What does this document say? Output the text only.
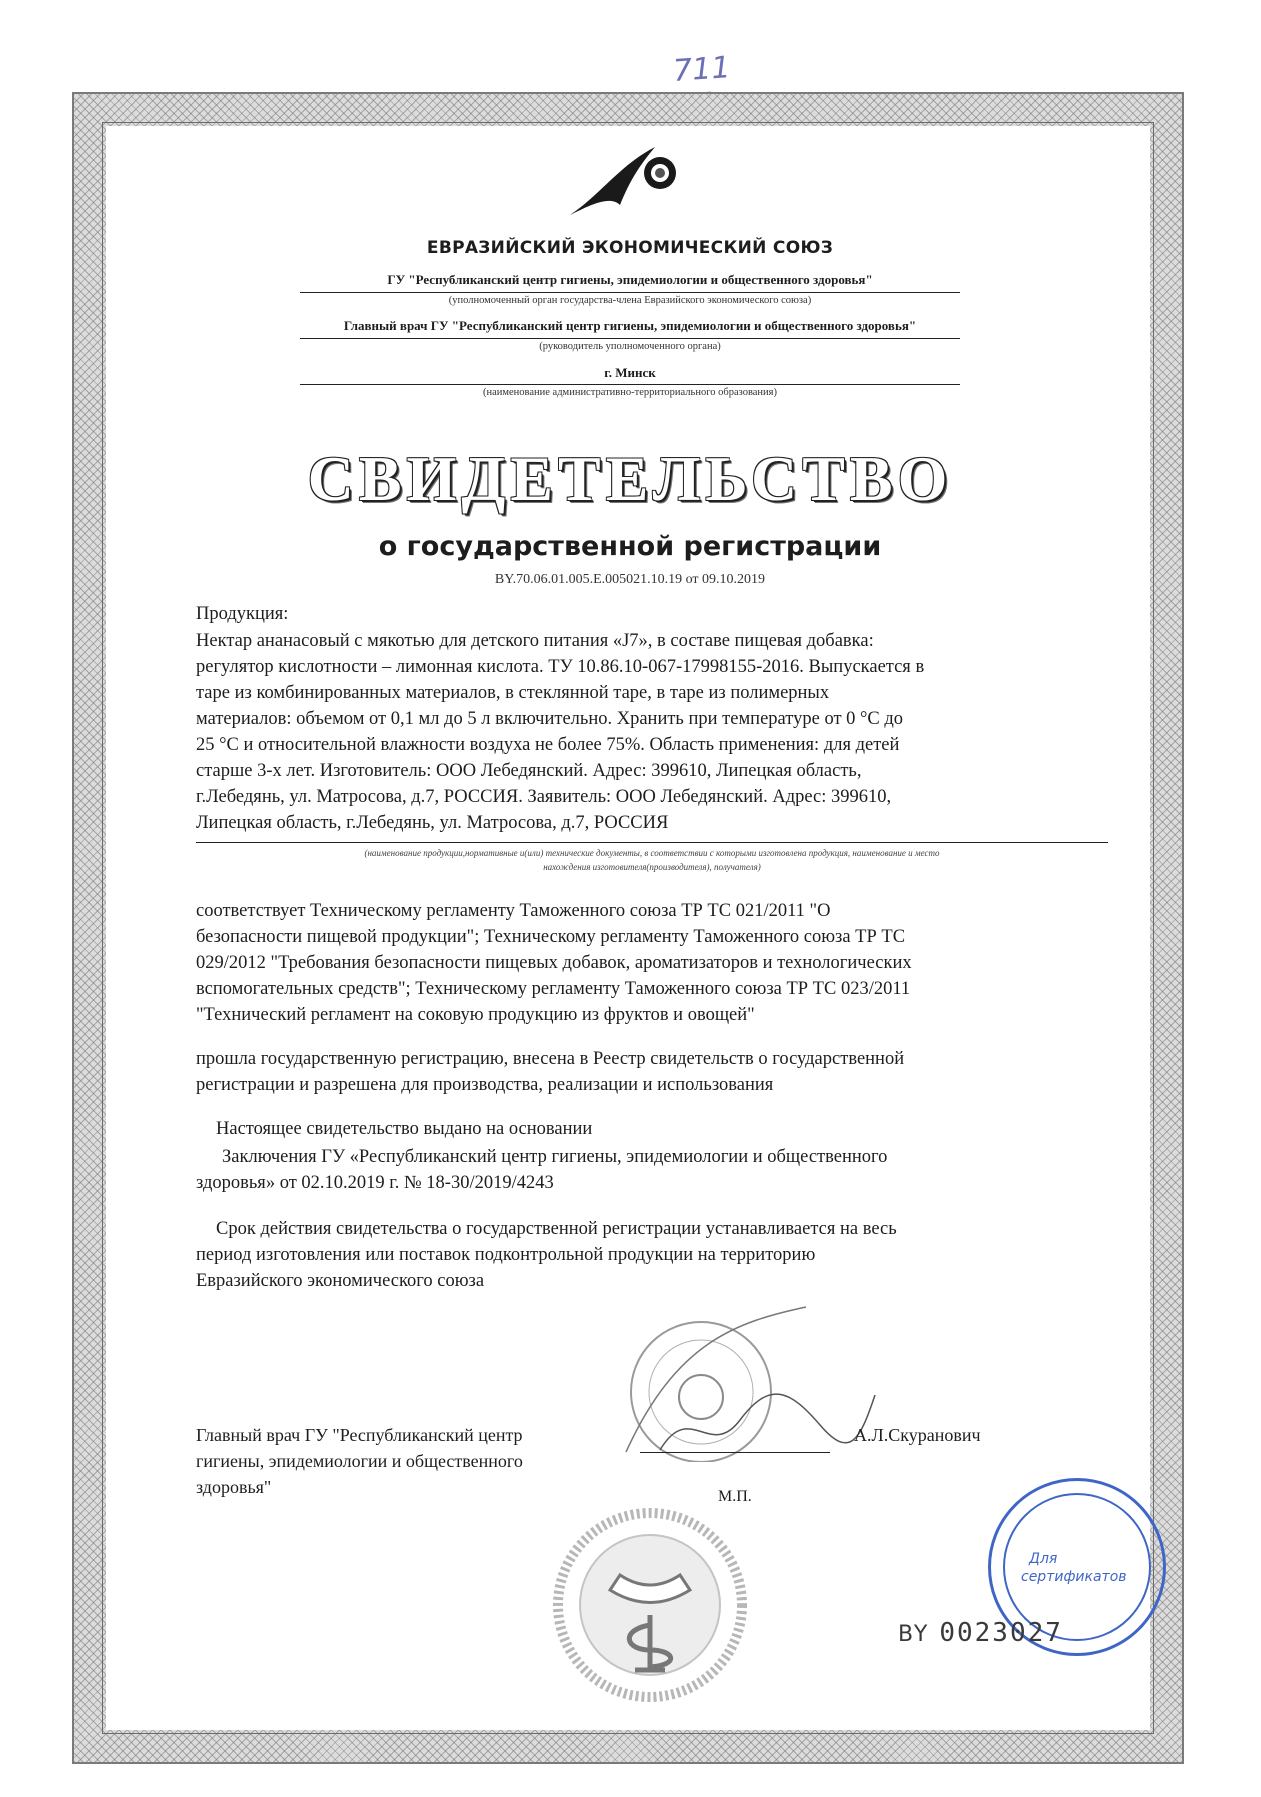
711
ЕВРАЗИЙСКИЙ ЭКОНОМИЧЕСКИЙ СОЮЗ
ГУ "Республиканский центр гигиены, эпидемиологии и общественного здоровья"
(уполномоченный орган государства-члена Евразийского экономического союза)
Главный врач ГУ "Республиканский центр гигиены, эпидемиологии и общественного здоровья"
(руководитель уполномоченного органа)
г. Минск
(наименование административно-территориального образования)
СВИДЕТЕЛЬСТВО
о государственной регистрации
BY.70.06.01.005.E.005021.10.19 от 09.10.2019
Продукция:
Нектар ананасовый с мякотью для детского питания «J7», в составе пищевая добавка:
регулятор кислотности – лимонная кислота. ТУ 10.86.10-067-17998155-2016. Выпускается в
таре из комбинированных материалов, в стеклянной таре, в таре из полимерных
материалов: объемом от 0,1 мл до 5 л включительно. Хранить при температуре от 0 °С до
25 °С и относительной влажности воздуха не более 75%. Область применения: для детей
старше 3-х лет. Изготовитель: ООО Лебедянский. Адрес: 399610, Липецкая область,
г.Лебедянь, ул. Матросова, д.7, РОССИЯ. Заявитель: ООО Лебедянский. Адрес: 399610,
Липецкая область, г.Лебедянь, ул. Матросова, д.7, РОССИЯ
(наименование продукции,нормативные и(или) технические документы, в соответствии с которыми изготовлена продукция, наименование и место
нахождения изготовителя(производителя), получателя)
соответствует Техническому регламенту Таможенного союза ТР ТС 021/2011 "О
безопасности пищевой продукции"; Техническому регламенту Таможенного союза ТР ТС
029/2012 "Требования безопасности пищевых добавок, ароматизаторов и технологических
вспомогательных средств"; Техническому регламенту Таможенного союза ТР ТС 023/2011
"Технический регламент на соковую продукцию из фруктов и овощей"
прошла государственную регистрацию, внесена в Реестр свидетельств о государственной
регистрации и разрешена для производства, реализации и использования
Настоящее свидетельство выдано на основании
Заключения ГУ «Республиканский центр гигиены, эпидемиологии и общественного
здоровья» от 02.10.2019 г. № 18-30/2019/4243
Срок действия свидетельства о государственной регистрации устанавливается на весь
период изготовления или поставок подконтрольной продукции на территорию
Евразийского экономического союза
Главный врач ГУ "Республиканский центр
гигиены, эпидемиологии и общественного
здоровья"
А.Л.Скуранович
М.П.
Для
сертификатов
BY 0023027
